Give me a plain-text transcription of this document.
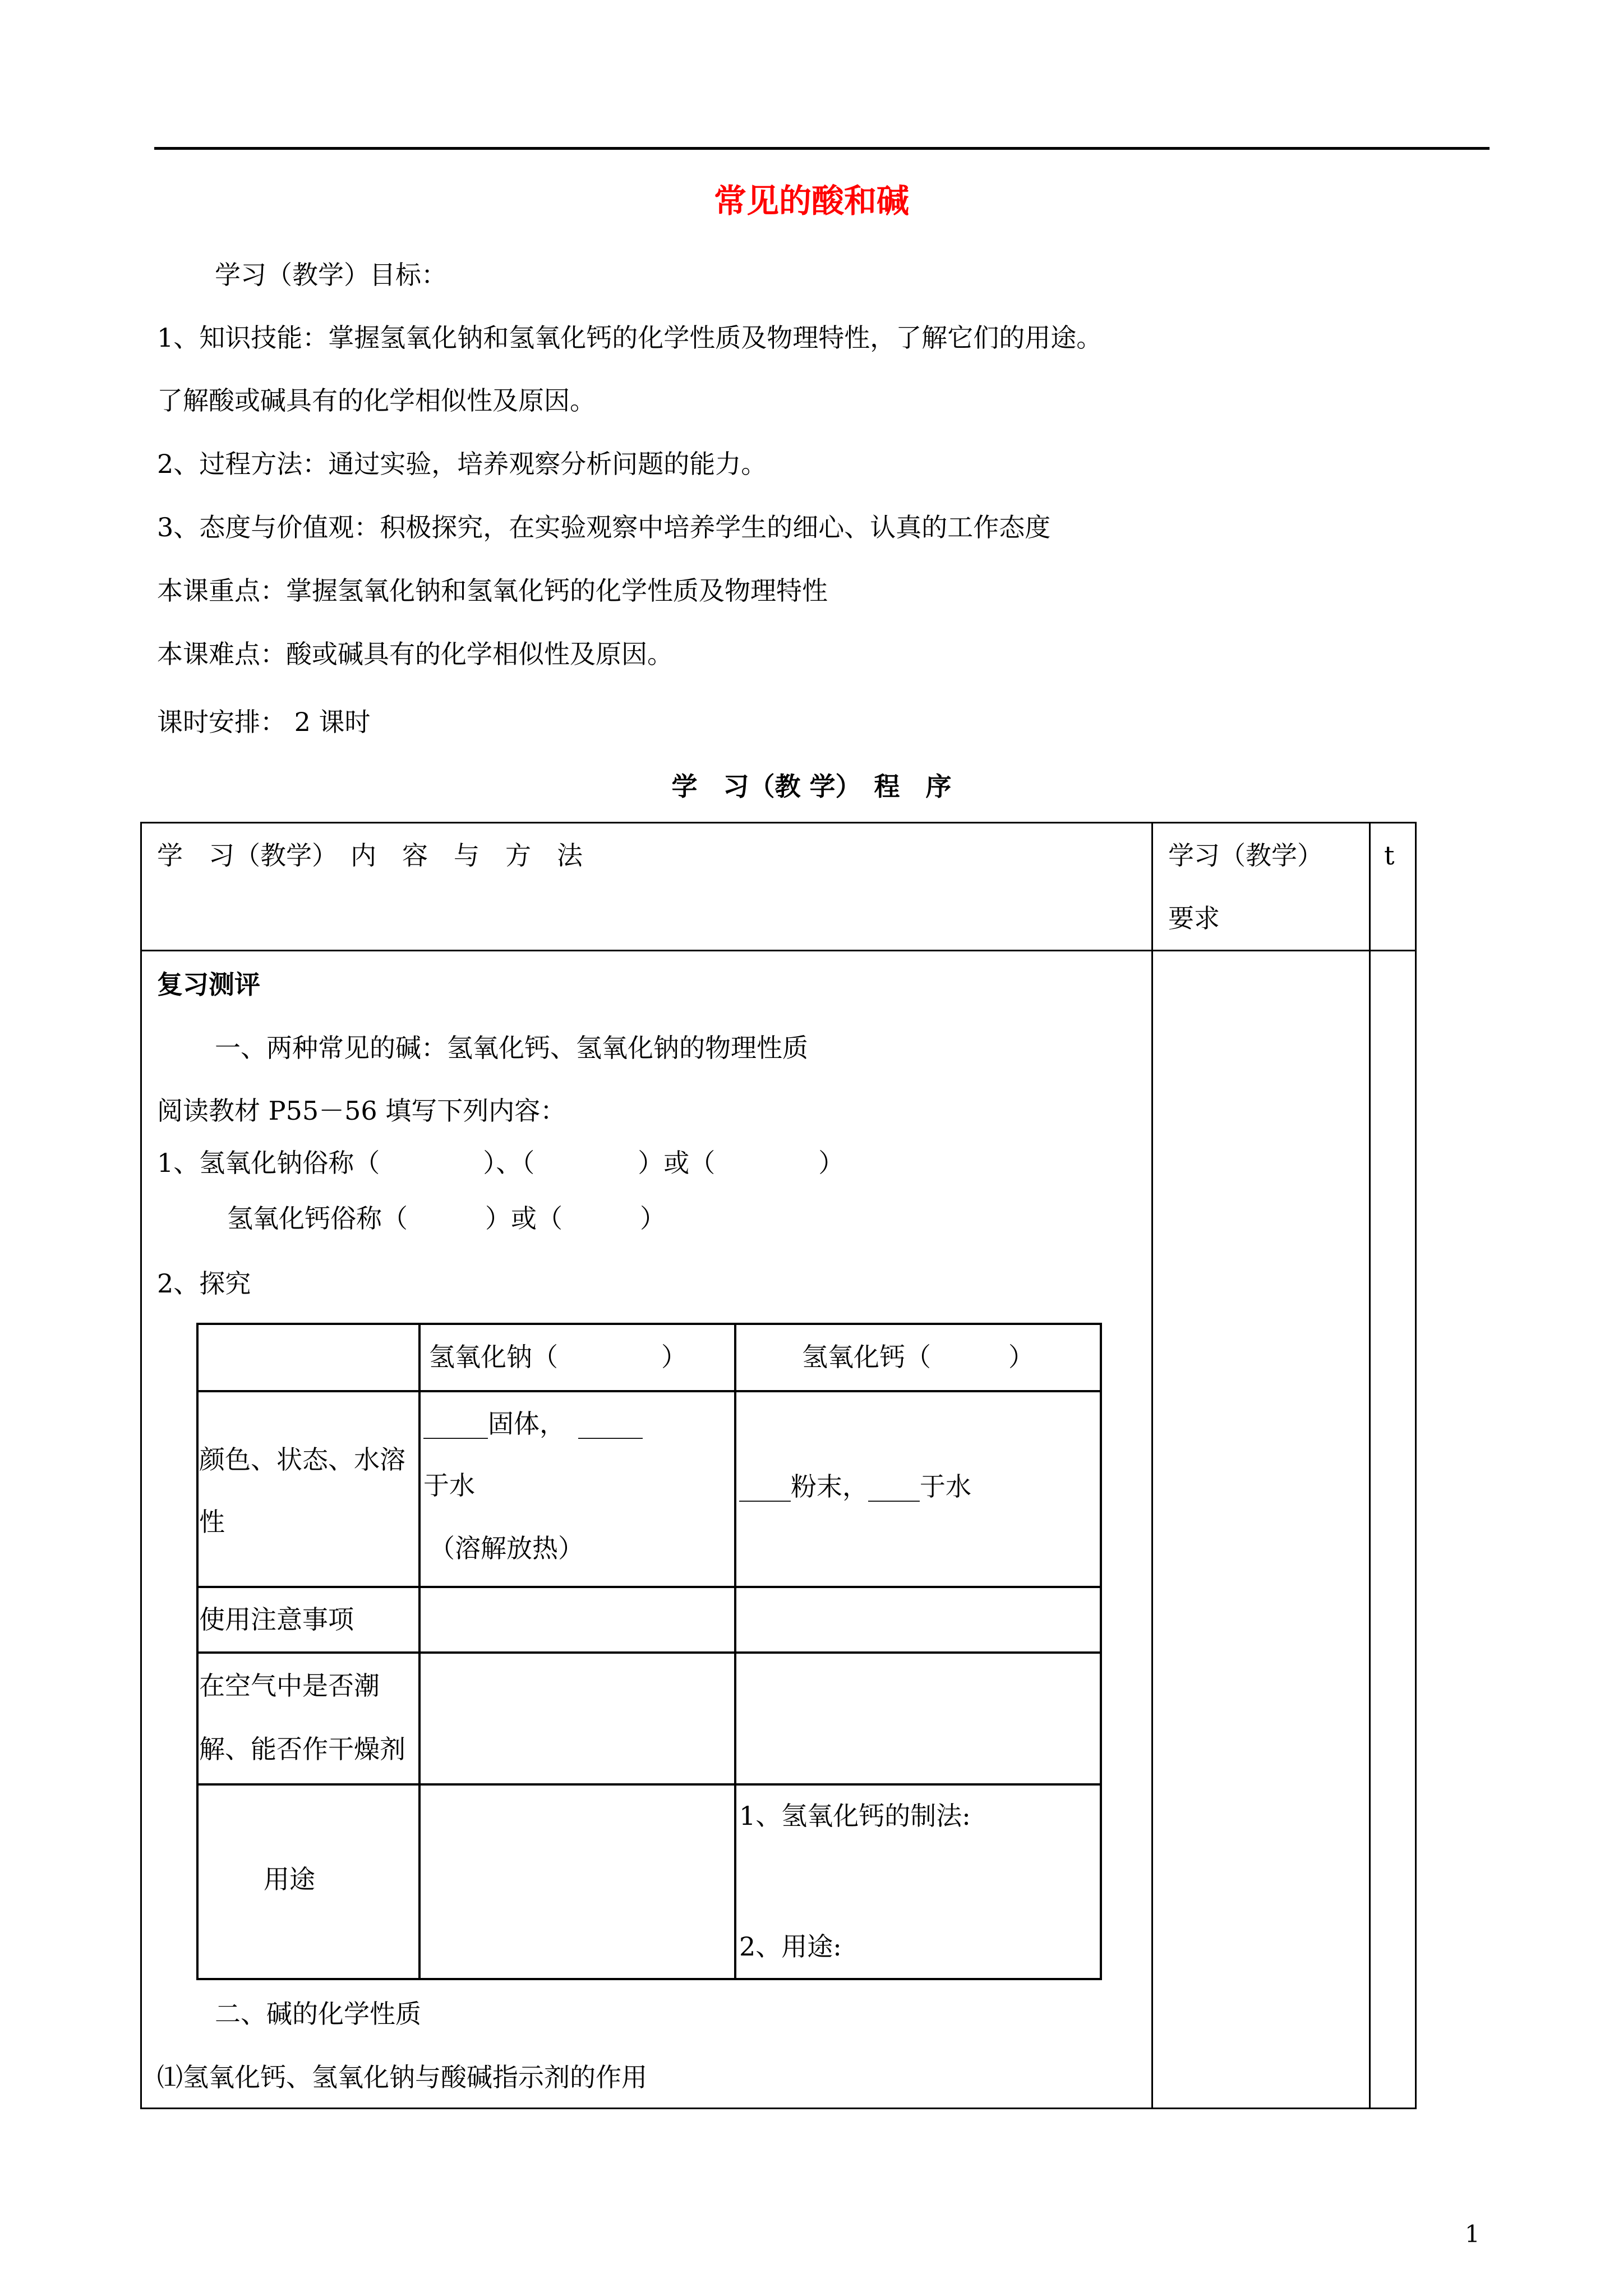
常见的酸和碱
学习（教学）目标：
1、知识技能：掌握氢氧化钠和氢氧化钙的化学性质及物理特性，了解它们的用途。
了解酸或碱具有的化学相似性及原因。
2、过程方法：通过实验，培养观察分析问题的能力。
3、态度与价值观：积极探究，在实验观察中培养学生的细心、认真的工作态度
本课重点：掌握氢氧化钠和氢氧化钙的化学性质及物理特性
本课难点：酸或碱具有的化学相似性及原因。
课时安排： 2 课时
学　习（教 学）　程　序
学　习（教学）　内　容　与　方　法	学习（教学）
要求
t
复习测评
一、两种常见的碱：氢氧化钙、氢氧化钠的物理性质
阅读教材 P55－56 填写下列内容：
1、氢氧化钠俗称（　　　　）、（　　　　）或（　　　　）
氢氧化钙俗称（　　　）或（　　　）
2、探究
氢氧化钠（　　　　）	氢氧化钙（　　　）
颜色、状态、水溶
性
_____固体，　_____
于水
（溶解放热）
____粉末，____于水
使用注意事项
在空气中是否潮
解、能否作干燥剂
用途
1、氢氧化钙的制法:
2、用途:
二、碱的化学性质
⑴氢氧化钙、氢氧化钠与酸碱指示剂的作用
1
